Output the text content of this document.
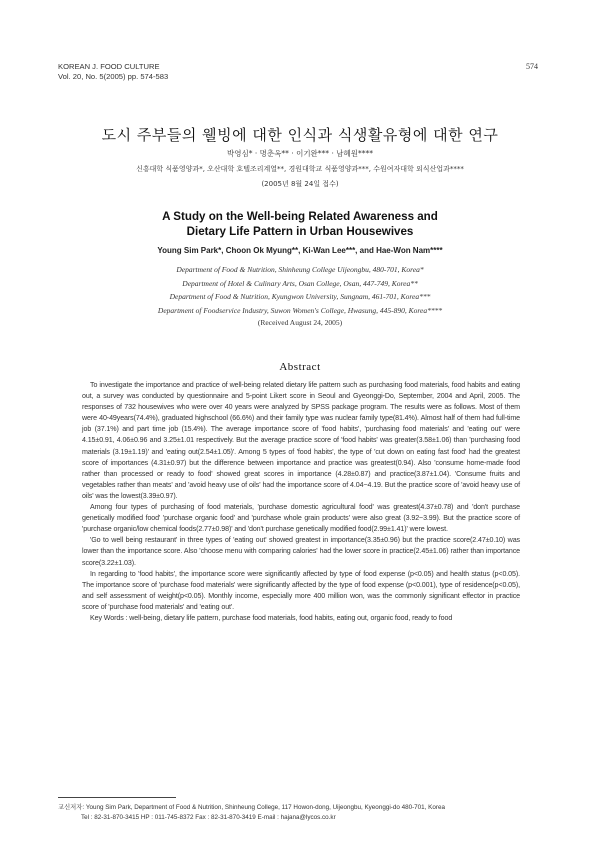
KOREAN J. FOOD CULTURE
Vol. 20, No. 5(2005) pp. 574-583
574
도시 주부들의 웰빙에 대한 인식과 식생활유형에 대한 연구
박영심* · 명춘옥** · 이기완*** · 남혜원****
신흥대학 식품영양과*, 오산대학 호텔조리계열**, 경원대학교 식품영양과***, 수원여자대학 외식산업과****
(2005년 8월 24일 접수)
A Study on the Well-being Related Awareness and
Dietary Life Pattern in Urban Housewives
Young Sim Park*, Choon Ok Myung**, Ki-Wan Lee***, and Hae-Won Nam****
Department of Food & Nutrition, Shinheung College Uijeongbu, 480-701, Korea*
Department of Hotel & Culinary Arts, Osan College, Osan, 447-749, Korea**
Department of Food & Nutrition, Kyungwon University, Sungnam, 461-701, Korea***
Department of Foodservice Industry, Suwon Women's College, Hwasung, 445-890, Korea****
(Received August 24, 2005)
Abstract

To investigate the importance and practice of well-being related dietary life pattern such as purchasing food materials, food habits and eating out, a survey was conducted by questionnaire and 5-point Likert score in Seoul and Gyeonggi-Do, September, 2004 and April, 2005. The responses of 732 housewives who were over 40 years were analyzed by SPSS package program. The results were as follows. Most of them were 40-49years(74.4%), graduated highschool (66.6%) and their family type was nuclear family type(81.4%). Almost half of them had full-time job (37.1%) and part time job (15.4%). The average importance score of 'food habits', 'purchasing food materials' and 'eating out' were 4.15±0.91, 4.06±0.96 and 3.25±1.01 respectively. But the average practice score of 'food habits' was greater(3.58±1.06) than 'purchasing food materials (3.19±1.19)' and 'eating out(2.54±1.05)'. Among 5 types of 'food habits', the type of 'cut down on eating fast food' had the greatest score of importances (4.31±0.97) but the difference between importance and practice was greatest(0.94). Also 'consume home-made food rather than processed or ready to food' showed great scores in importance (4.28±0.87) and practice(3.87±1.04). 'Consume fruits and vegetables rather than meats' and 'avoid heavy use of oils' had the importance score of 4.04~4.19. But the practice score of 'avoid heavy use of oils' was the lowest(3.39±0.97).

Among four types of purchasing of food materials, 'purchase domestic agricultural food' was greatest(4.37±0.78) and 'don't purchase genetically modified food' 'purchase organic food' and 'purchase whole grain products' were also great (3.92~3.99). But the practice score of 'purchase organic/low chemical foods(2.77±0.98)' and 'don't purchase genetically modified food(2.99±1.41)' were lowest.

'Go to well being restaurant' in three types of 'eating out' showed greatest in importance(3.35±0.96) but the practice score(2.47±0.10) was lower than the importance score. Also 'choose menu with comparing calories' had the lower score in practice(2.45±1.06) rather than importance score(3.22±1.03).

In regarding to 'food habits', the importance score were significantly affected by type of food expense (p<0.05) and health status (p<0.05). The importance score of 'purchase food materials' were significantly affected by the type of food expense (p<0.001), type of residence(p<0.05), and self assessment of weight(p<0.05). Monthly income, especially more 400 million won, was the commonly significant effector in practice score of 'purchase food materials' and 'eating out'.

Key Words : well-being, dietary life pattern, purchase food materials, food habits, eating out, organic food, ready to food

교신저자: Young Sim Park, Department of Food & Nutrition, Shinheung College, 117 Howon-dong, Uijeongbu, Kyeonggi-do 480-701, Korea
Tel : 82-31-870-3415 HP : 011-745-8372 Fax : 82-31-870-3419 E-mail : hajana@lycos.co.kr
